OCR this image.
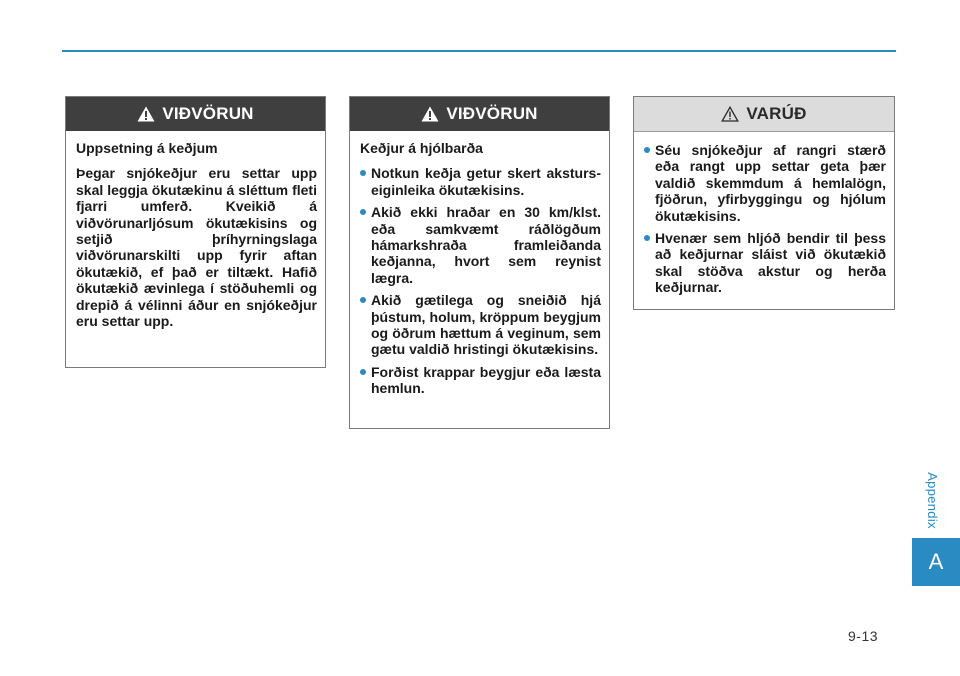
VIÐVÖRUN

Uppsetning á keðjum

Þegar snjókeðjur eru settar upp skal leggja ökutækinu á sléttum fleti fjarri umferð. Kveikið á viðvörunarljósum ökutækisins og setjið þríhyrningslaga viðvörunarskilti upp fyrir aftan ökutækið, ef það er tiltækt. Hafið ökutækið ævinlega í stöðuhemli og drepið á vélinni áður en snjókeðjur eru settar upp.

VIÐVÖRUN

Keðjur á hjólbarða

Notkun keðja getur skert aksturs- eiginleika ökutækisins.
Akið ekki hraðar en 30 km/klst. eða samkvæmt ráðlögðum hámarkshraða framleiðanda keðjanna, hvort sem reynist lægra.
Akið gætilega og sneiðið hjá þústum, holum, kröppum beygjum og öðrum hættum á veginum, sem gætu valdið hristingi ökutækisins.
Forðist krappar beygjur eða læsta hemlun.
VARÚÐ
Séu snjókeðjur af rangri stærð eða rangt upp settar geta þær valdið skemmdum á hemlalögn, fjöðrun, yfirbyggingu og hjólum ökutækisins.
Hvenær sem hljóð bendir til þess að keðjurnar sláist við ökutækið skal stöðva akstur og herða keðjurnar.
Appendix
A
9-13
